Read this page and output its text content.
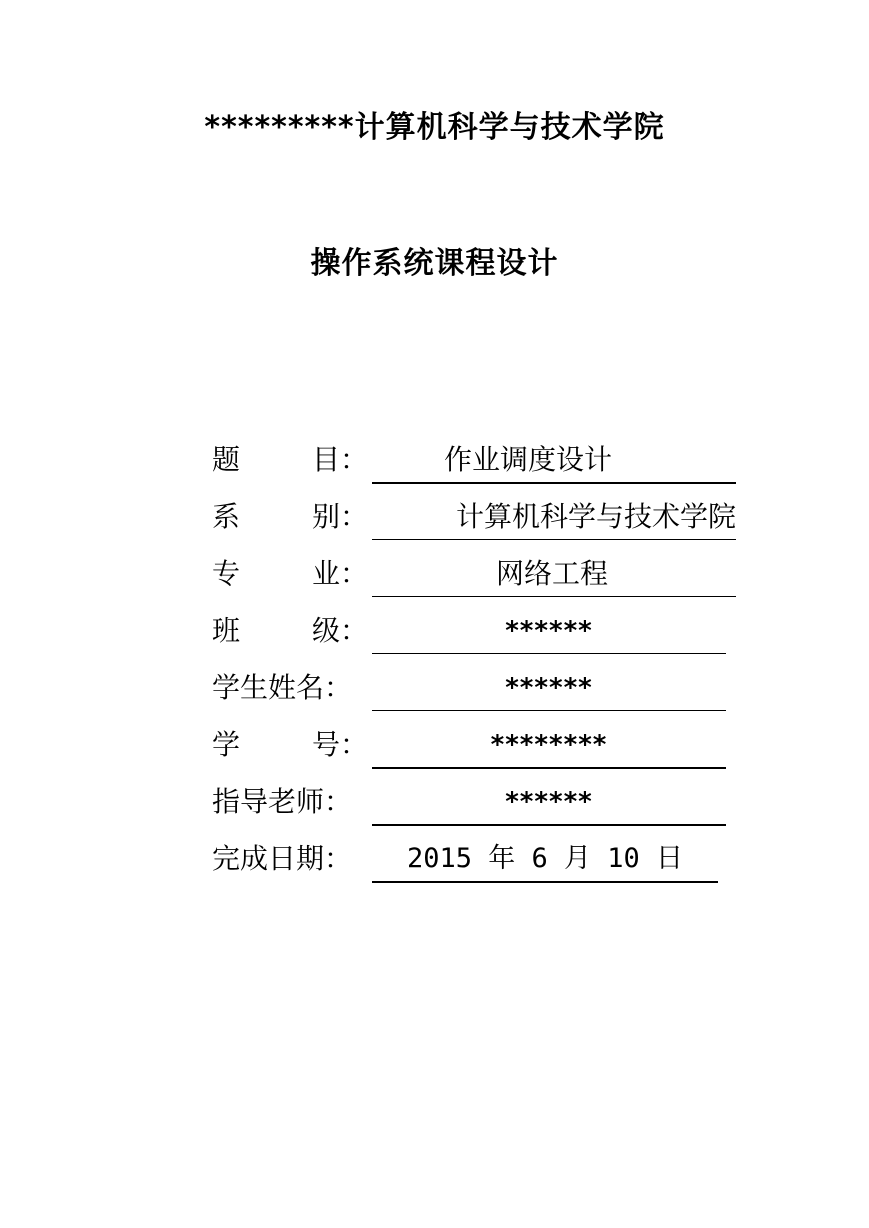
*********计算机科学与技术学院
操作系统课程设计
题	目：	作业调度设计
系	别：	计算机科学与技术学院
专	业：	网络工程
班	级：	******
学生姓名：	******
学	号：	********
指导老师：	******
完成日期：	2015 年 6 月 10 日
